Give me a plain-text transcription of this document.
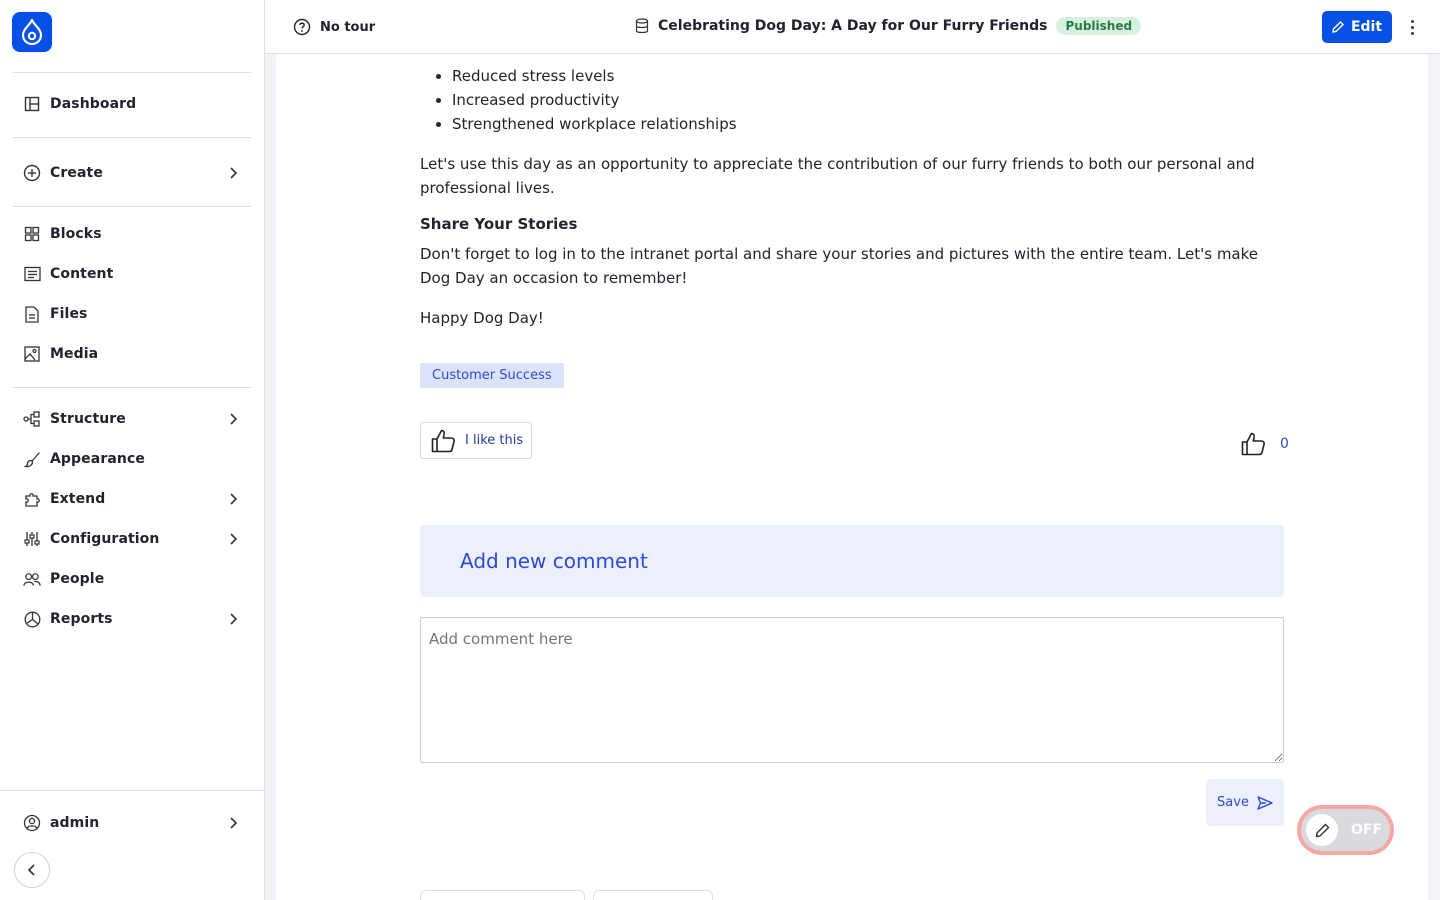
Dashboard
Create
Blocks
Content
Files
Media
Structure
Appearance
Extend
Configuration
People
Reports
admin
No tour	Celebrating Dog Day: A Day for Our Furry Friends	Published	Edit
• Reduced stress levels
• Increased productivity
• Strengthened workplace relationships

Let's use this day as an opportunity to appreciate the contribution of our furry friends to both our personal and professional lives.

Share Your Stories

Don't forget to log in to the intranet portal and share your stories and pictures with the entire team. Let's make Dog Day an occasion to remember!

Happy Dog Day!

Customer Success
I like this	0
Add new comment
Add comment here
Save
OFF
